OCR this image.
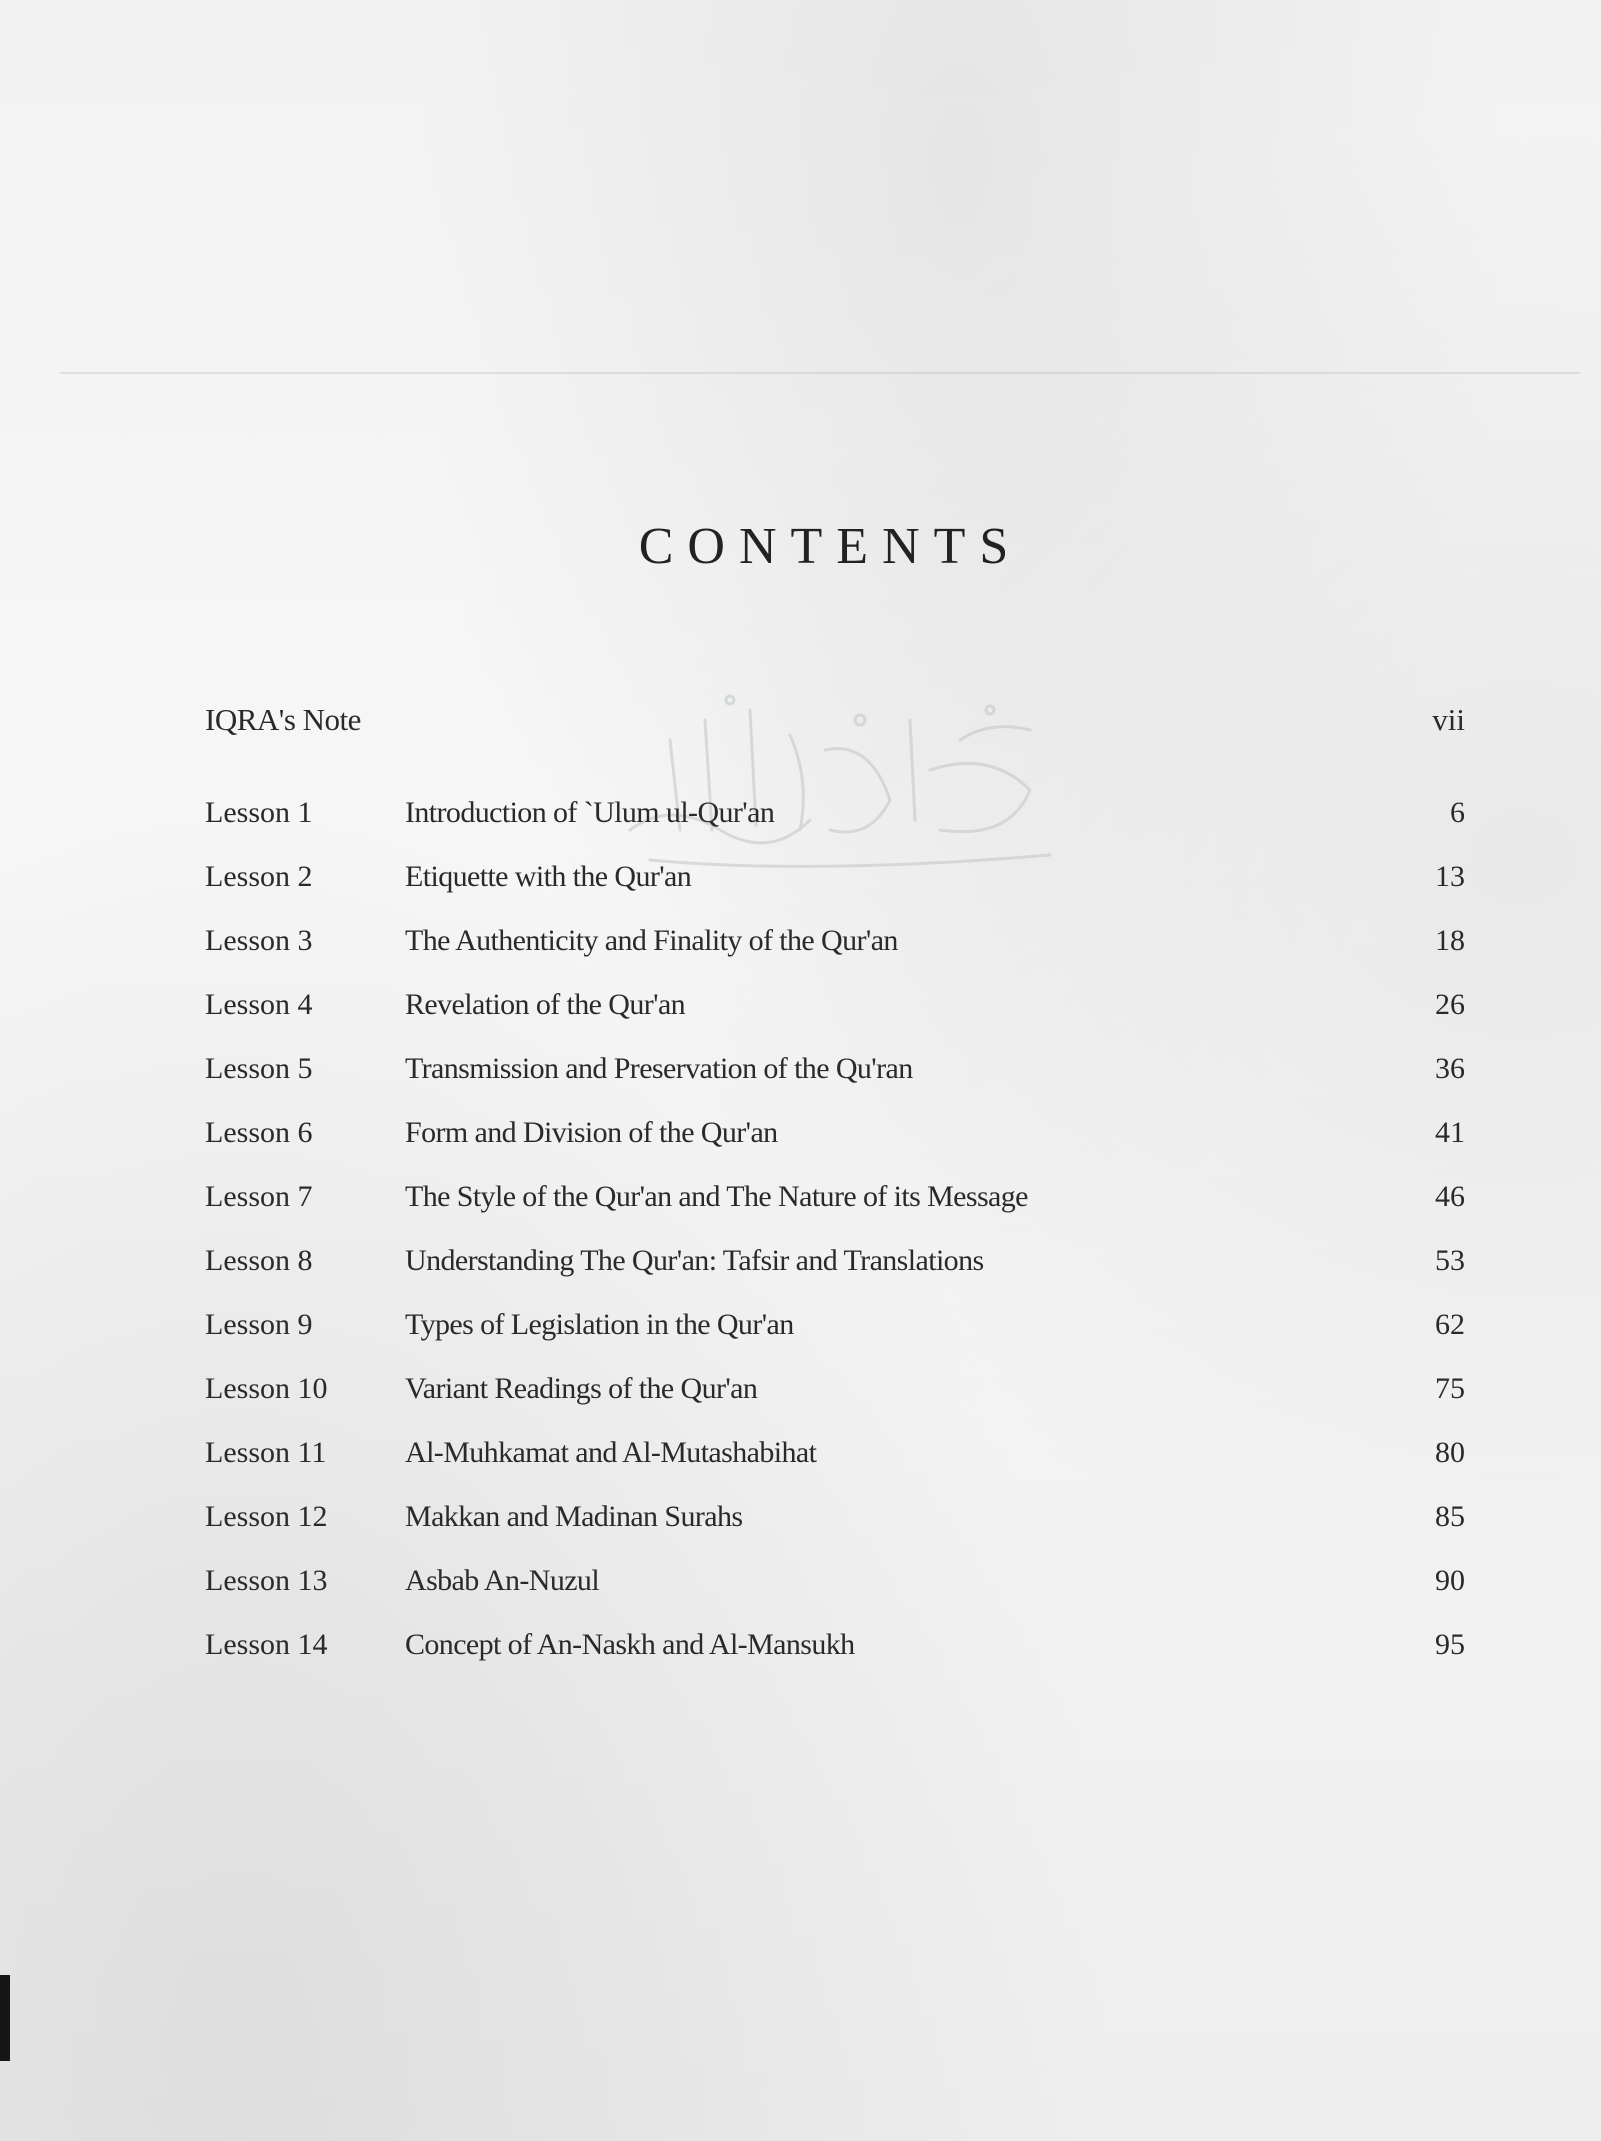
CONTENTS
IQRA's Note	vii
Lesson 1	Introduction of `Ulum ul-Qur'an	6
Lesson 2	Etiquette with the Qur'an	13
Lesson 3	The Authenticity and Finality of the Qur'an	18
Lesson 4	Revelation of the Qur'an	26
Lesson 5	Transmission and Preservation of the Qu'ran	36
Lesson 6	Form and Division of the Qur'an	41
Lesson 7	The Style of the Qur'an and The Nature of its Message	46
Lesson 8	Understanding The Qur'an: Tafsir and Translations	53
Lesson 9	Types of Legislation in the Qur'an	62
Lesson 10	Variant Readings of the Qur'an	75
Lesson 11	Al-Muhkamat and Al-Mutashabihat	80
Lesson 12	Makkan and Madinan Surahs	85
Lesson 13	Asbab An-Nuzul	90
Lesson 14	Concept of An-Naskh and Al-Mansukh	95
